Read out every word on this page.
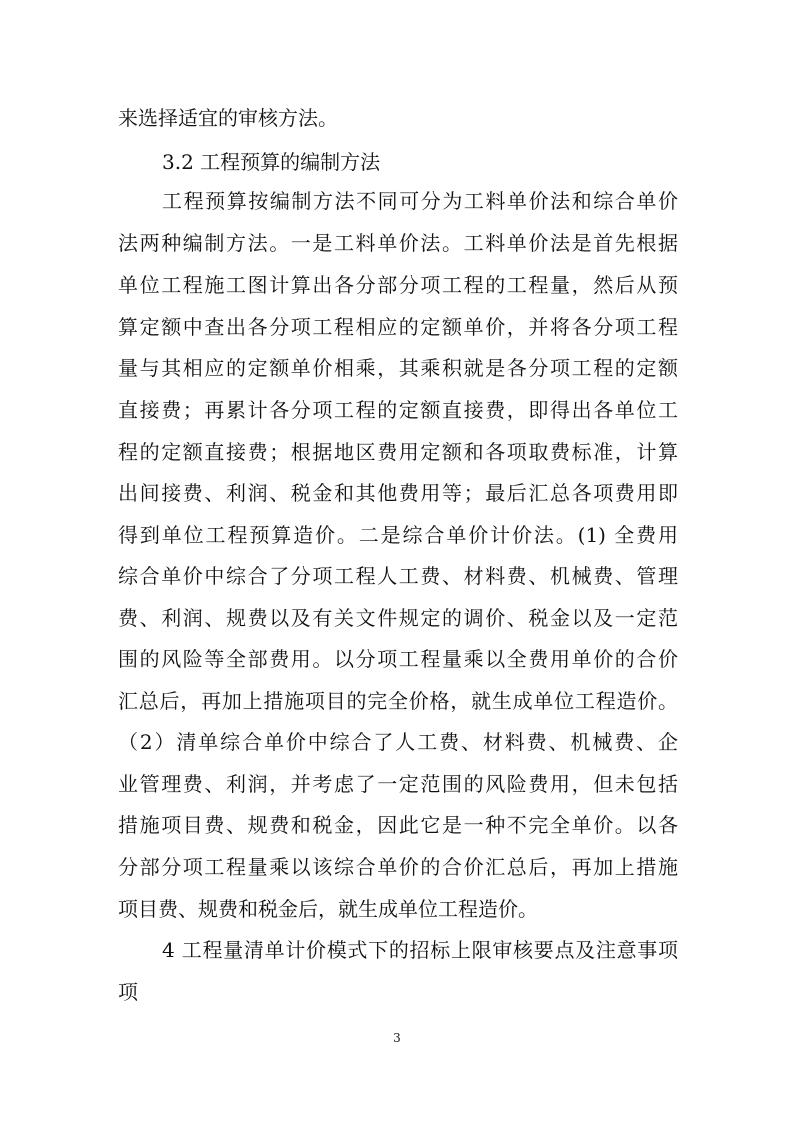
来选择适宜的审核方法。
3.2 工程预算的编制方法
工程预算按编制方法不同可分为工料单价法和综合单价
法两种编制方法。一是工料单价法。工料单价法是首先根据
单位工程施工图计算出各分部分项工程的工程量，然后从预
算定额中查出各分项工程相应的定额单价，并将各分项工程
量与其相应的定额单价相乘，其乘积就是各分项工程的定额
直接费；再累计各分项工程的定额直接费，即得出各单位工
程的定额直接费；根据地区费用定额和各项取费标准，计算
出间接费、利润、税金和其他费用等；最后汇总各项费用即
得到单位工程预算造价。二是综合单价计价法。(1) 全费用
综合单价中综合了分项工程人工费、材料费、机械费、管理
费、利润、规费以及有关文件规定的调价、税金以及一定范
围的风险等全部费用。以分项工程量乘以全费用单价的合价
汇总后，再加上措施项目的完全价格，就生成单位工程造价。
（2）清单综合单价中综合了人工费、材料费、机械费、企
业管理费、利润，并考虑了一定范围的风险费用，但未包括
措施项目费、规费和税金，因此它是一种不完全单价。以各
分部分项工程量乘以该综合单价的合价汇总后，再加上措施
项目费、规费和税金后，就生成单位工程造价。
4 工程量清单计价模式下的招标上限审核要点及注意事项
项
3
